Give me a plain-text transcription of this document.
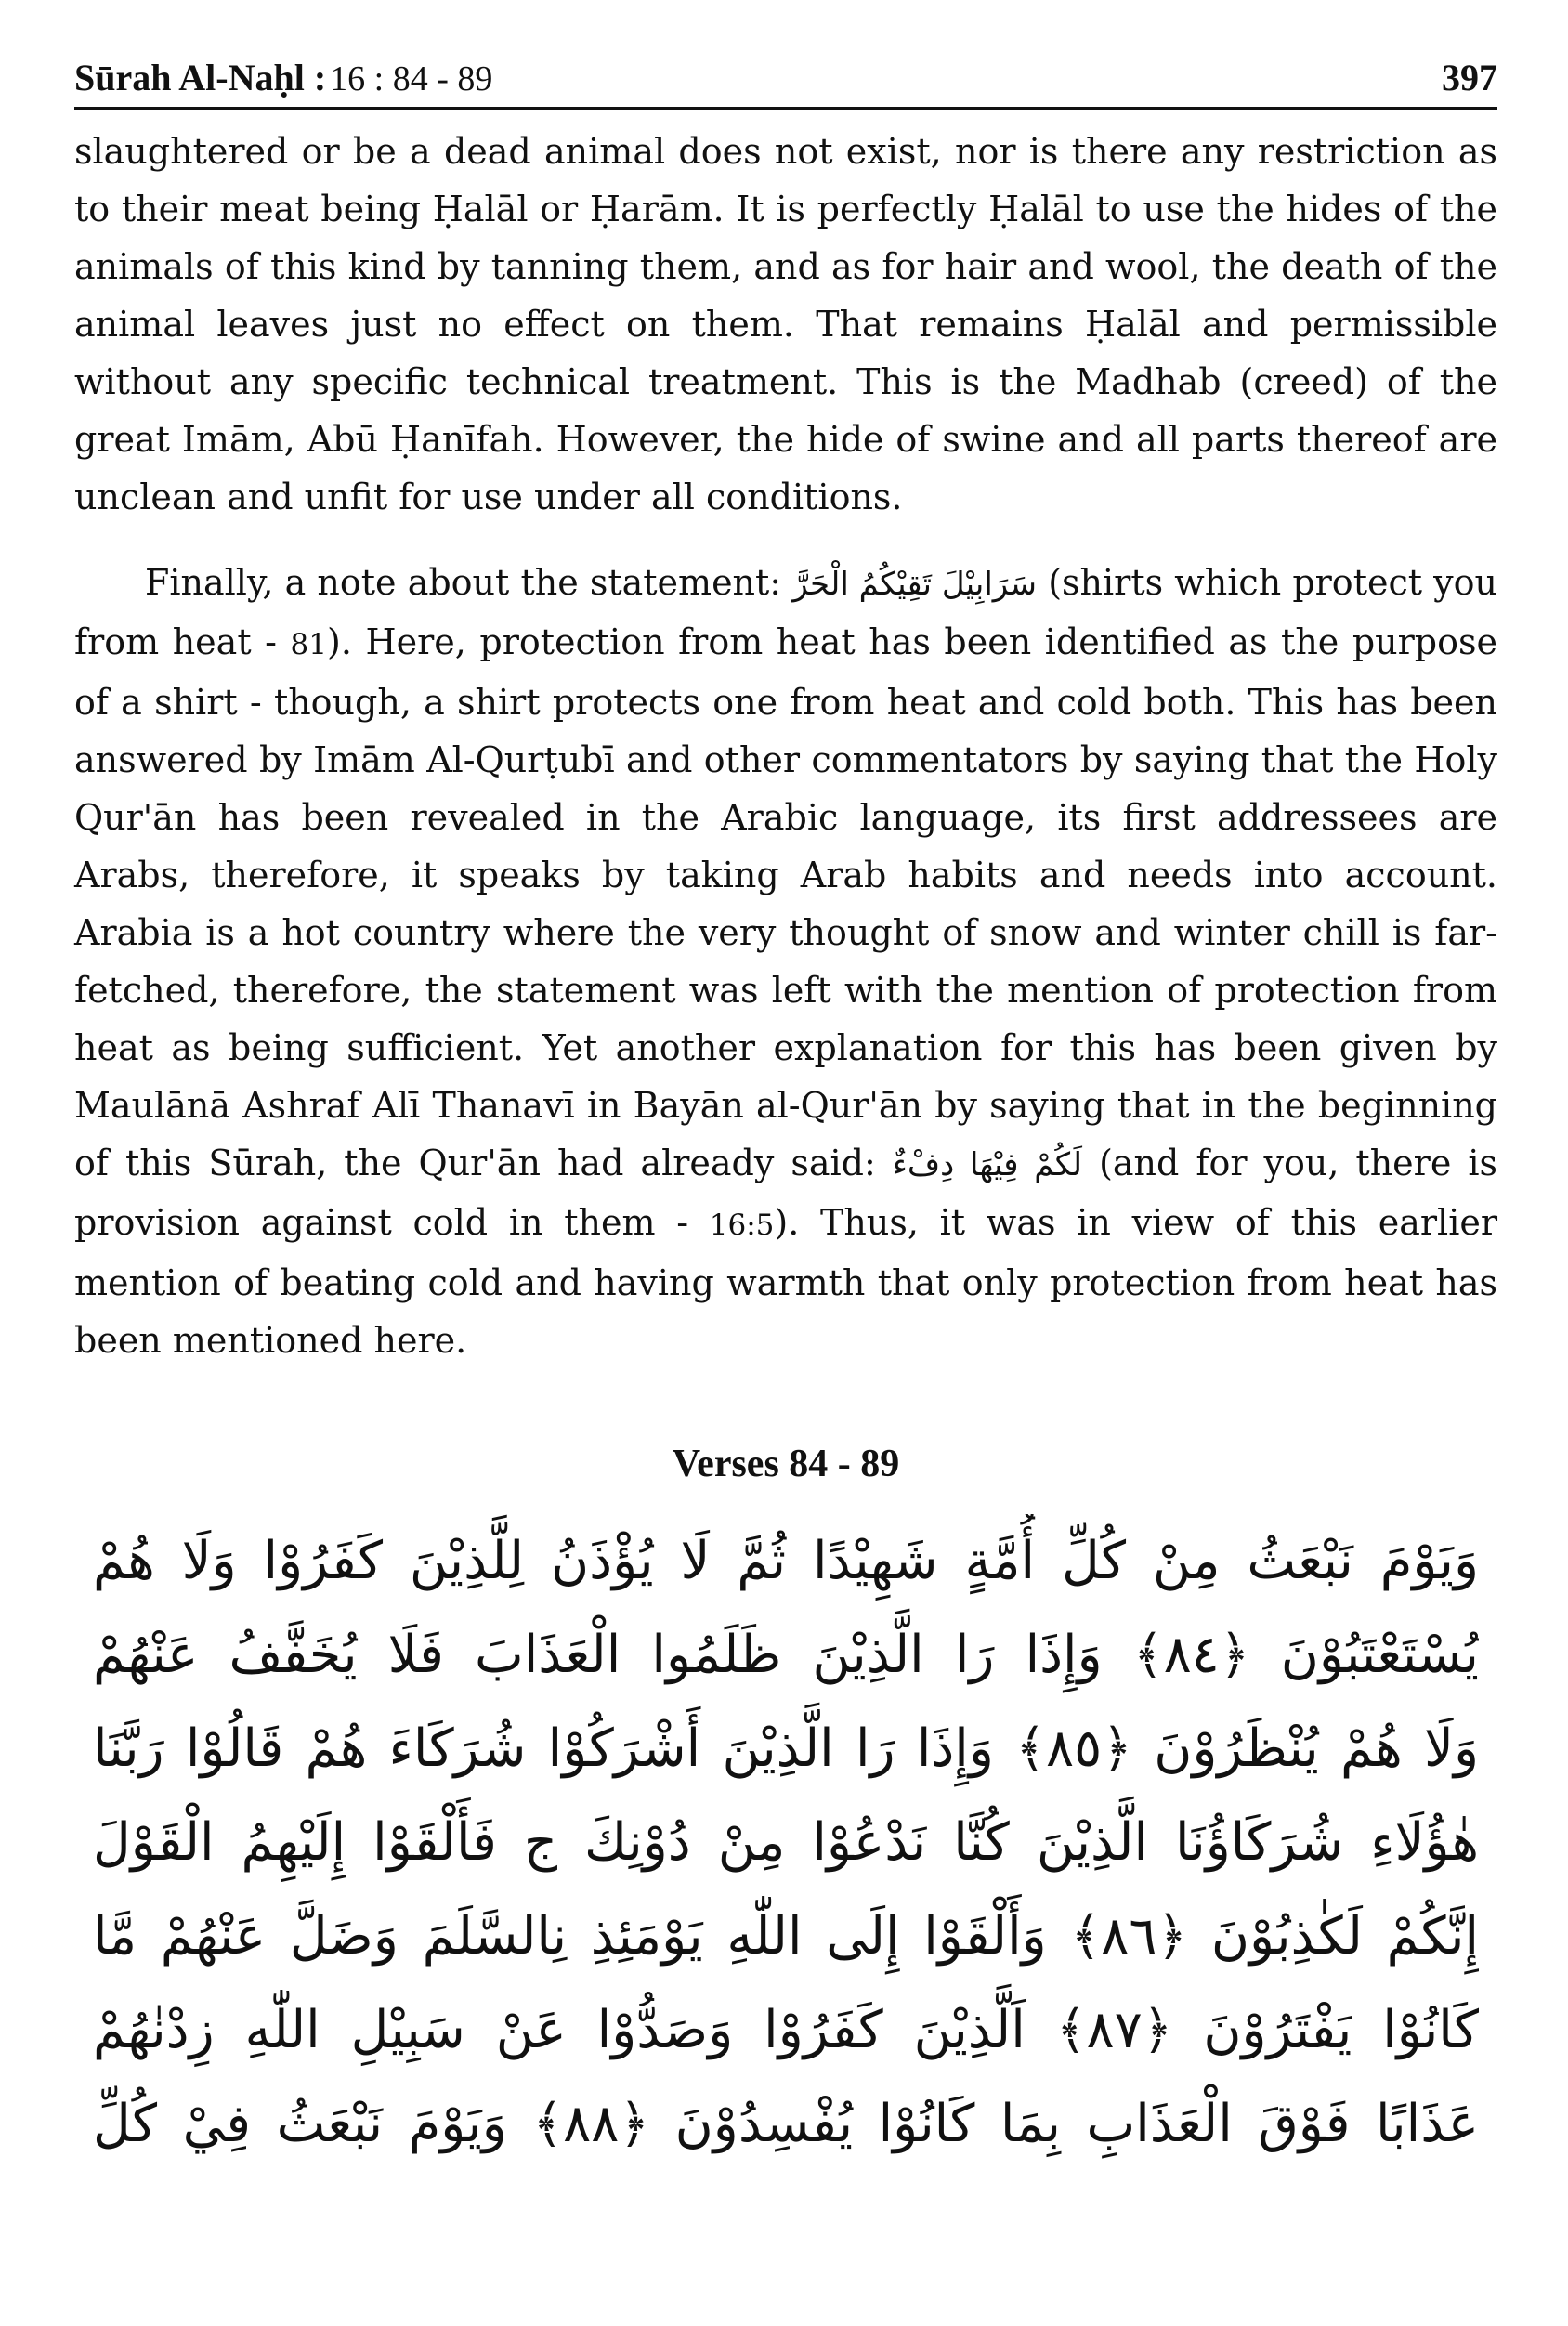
Sūrah Al-Naḥl : 16 : 84 - 89	397

slaughtered or be a dead animal does not exist, nor is there any restriction as to their meat being Ḥalāl or Ḥarām. It is perfectly Ḥalāl to use the hides of the animals of this kind by tanning them, and as for hair and wool, the death of the animal leaves just no effect on them. That remains Ḥalāl and permissible without any specific technical treatment. This is the Madhab (creed) of the great Imām, Abū Ḥanīfah. However, the hide of swine and all parts thereof are unclean and unfit for use under all conditions.

Finally, a note about the statement: سَرَابِيْلَ تَقِيْكُمُ الْحَرَّ (shirts which protect you from heat - 81). Here, protection from heat has been identified as the purpose of a shirt - though, a shirt protects one from heat and cold both. This has been answered by Imām Al-Qurṭubī and other commentators by saying that the Holy Qur'ān has been revealed in the Arabic language, its first addressees are Arabs, therefore, it speaks by taking Arab habits and needs into account. Arabia is a hot country where the very thought of snow and winter chill is far-fetched, therefore, the statement was left with the mention of protection from heat as being sufficient. Yet another explanation for this has been given by Maulānā Ashraf Alī Thanavī in Bayān al-Qur'ān by saying that in the beginning of this Sūrah, the Qur'ān had already said: لَكُمْ فِيْهَا دِفْءٌ (and for you, there is provision against cold in them - 16:5). Thus, it was in view of this earlier mention of beating cold and having warmth that only protection from heat has been mentioned here.

Verses 84 - 89
وَيَوْمَ نَبْعَثُ مِنْ كُلِّ أُمَّةٍ شَهِيْدًا ثُمَّ لَا يُؤْذَنُ لِلَّذِيْنَ كَفَرُوْا وَلَا هُمْ
يُسْتَعْتَبُوْنَ ﴿٨٤﴾ وَإِذَا رَا الَّذِيْنَ ظَلَمُوا الْعَذَابَ فَلَا يُخَفَّفُ عَنْهُمْ
وَلَا هُمْ يُنْظَرُوْنَ ﴿٨٥﴾ وَإِذَا رَا الَّذِيْنَ أَشْرَكُوْا شُرَكَاءَ هُمْ قَالُوْا رَبَّنَا
هٰؤُلَاءِ شُرَكَاؤُنَا الَّذِيْنَ كُنَّا نَدْعُوْا مِنْ دُوْنِكَ ج فَأَلْقَوْا إِلَيْهِمُ الْقَوْلَ
إِنَّكُمْ لَكٰذِبُوْنَ ﴿٨٦﴾ وَأَلْقَوْا إِلَى اللّٰهِ يَوْمَئِذِ نِالسَّلَمَ وَضَلَّ عَنْهُمْ مَّا
كَانُوْا يَفْتَرُوْنَ ﴿٨٧﴾ اَلَّذِيْنَ كَفَرُوْا وَصَدُّوْا عَنْ سَبِيْلِ اللّٰهِ زِدْنٰهُمْ
عَذَابًا فَوْقَ الْعَذَابِ بِمَا كَانُوْا يُفْسِدُوْنَ ﴿٨٨﴾ وَيَوْمَ نَبْعَثُ فِيْ كُلِّ
